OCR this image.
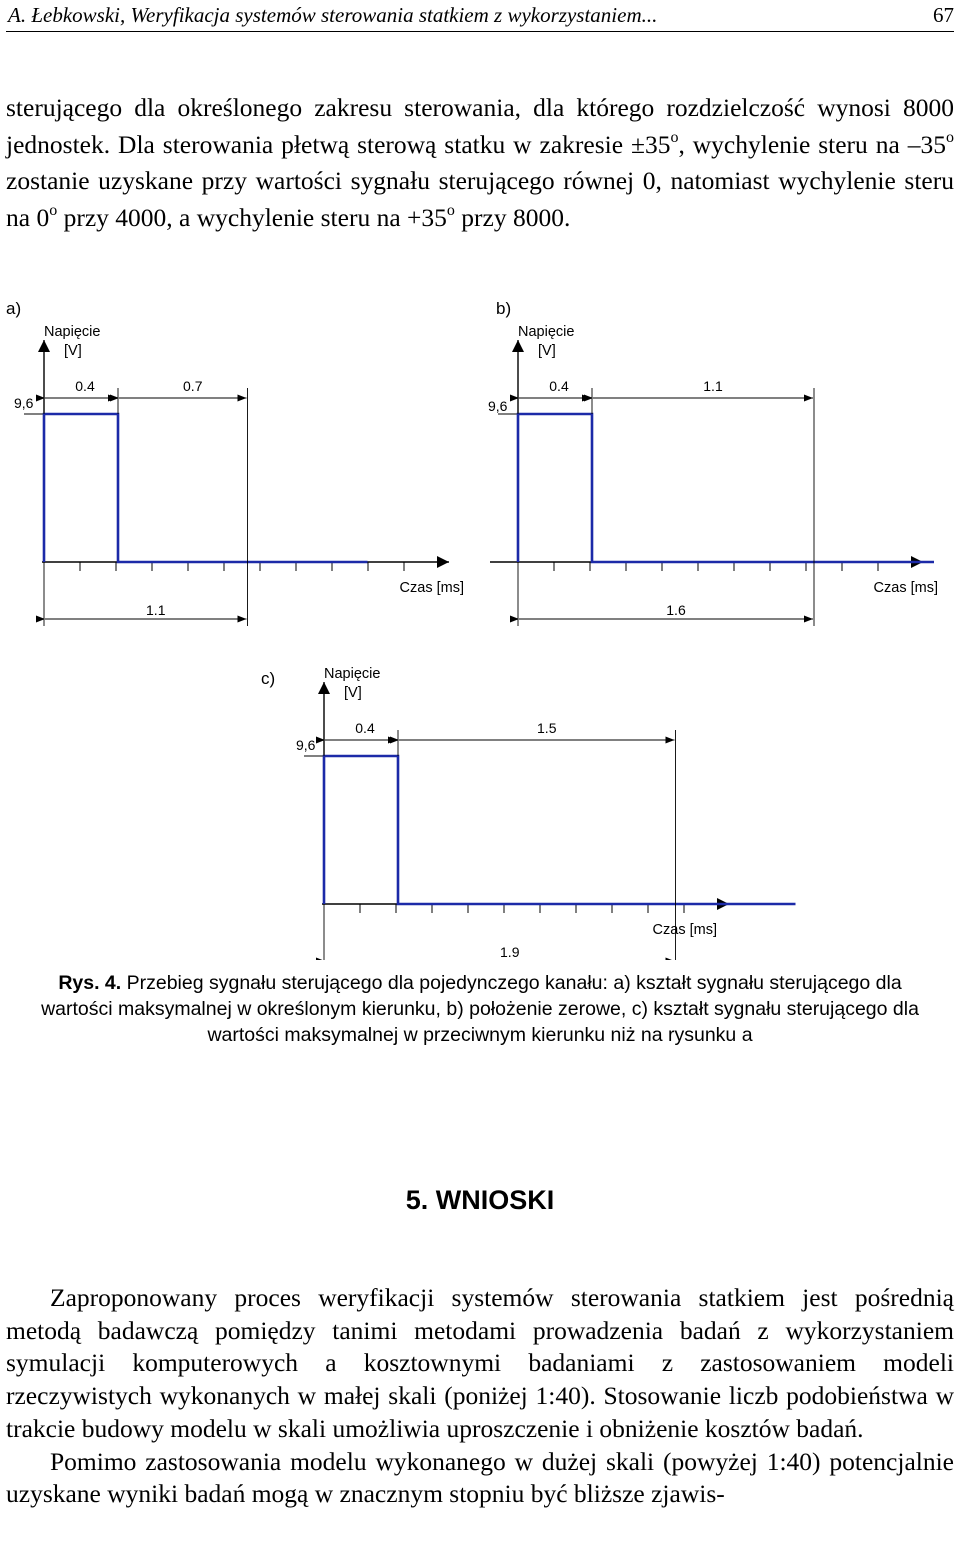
A. Łebkowski, Weryfikacja systemów sterowania statkiem z wykorzystaniem...	67

sterującego dla określonego zakresu sterowania, dla którego rozdzielczość wynosi 8000 jednostek. Dla sterowania płetwą sterową statku w zakresie $\pm 35^o$, wychylenie steru na –35$^o$ zostanie uzyskane przy wartości sygnału sterującego równej 0, natomiast wychylenie steru na 0$^o$ przy 4000, a wychylenie steru na $+35^o$ przy 8000.

a)
Napięcie
[V]
9,6
0.4	0.7
1.1
Czas [ms]
b)
Napięcie
[V]
9,6
0.4	1.1
1.6
Czas [ms]
c)	Napięcie
[V]
9,6
0.4	1.5
1.9
Czas [ms]

Rys. 4. Przebieg sygnału sterującego dla pojedynczego kanału: a) kształt sygnału sterującego dla wartości maksymalnej w określonym kierunku, b) położenie zerowe, c) kształt sygnału sterującego dla wartości maksymalnej w przeciwnym kierunku niż na rysunku a

5. WNIOSKI

Zaproponowany proces weryfikacji systemów sterowania statkiem jest pośrednią metodą badawczą pomiędzy tanimi metodami prowadzenia badań z wykorzystaniem symulacji komputerowych a kosztownymi badaniami z zastosowaniem modeli rzeczywistych wykonanych w małej skali (poniżej 1:40). Stosowanie liczb podobieństwa w trakcie budowy modelu w skali umożliwia uproszczenie i obniżenie kosztów badań.
Pomimo zastosowania modelu wykonanego w dużej skali (powyżej 1:40) potencjalnie uzyskane wyniki badań mogą w znacznym stopniu być bliższe zjawis-
